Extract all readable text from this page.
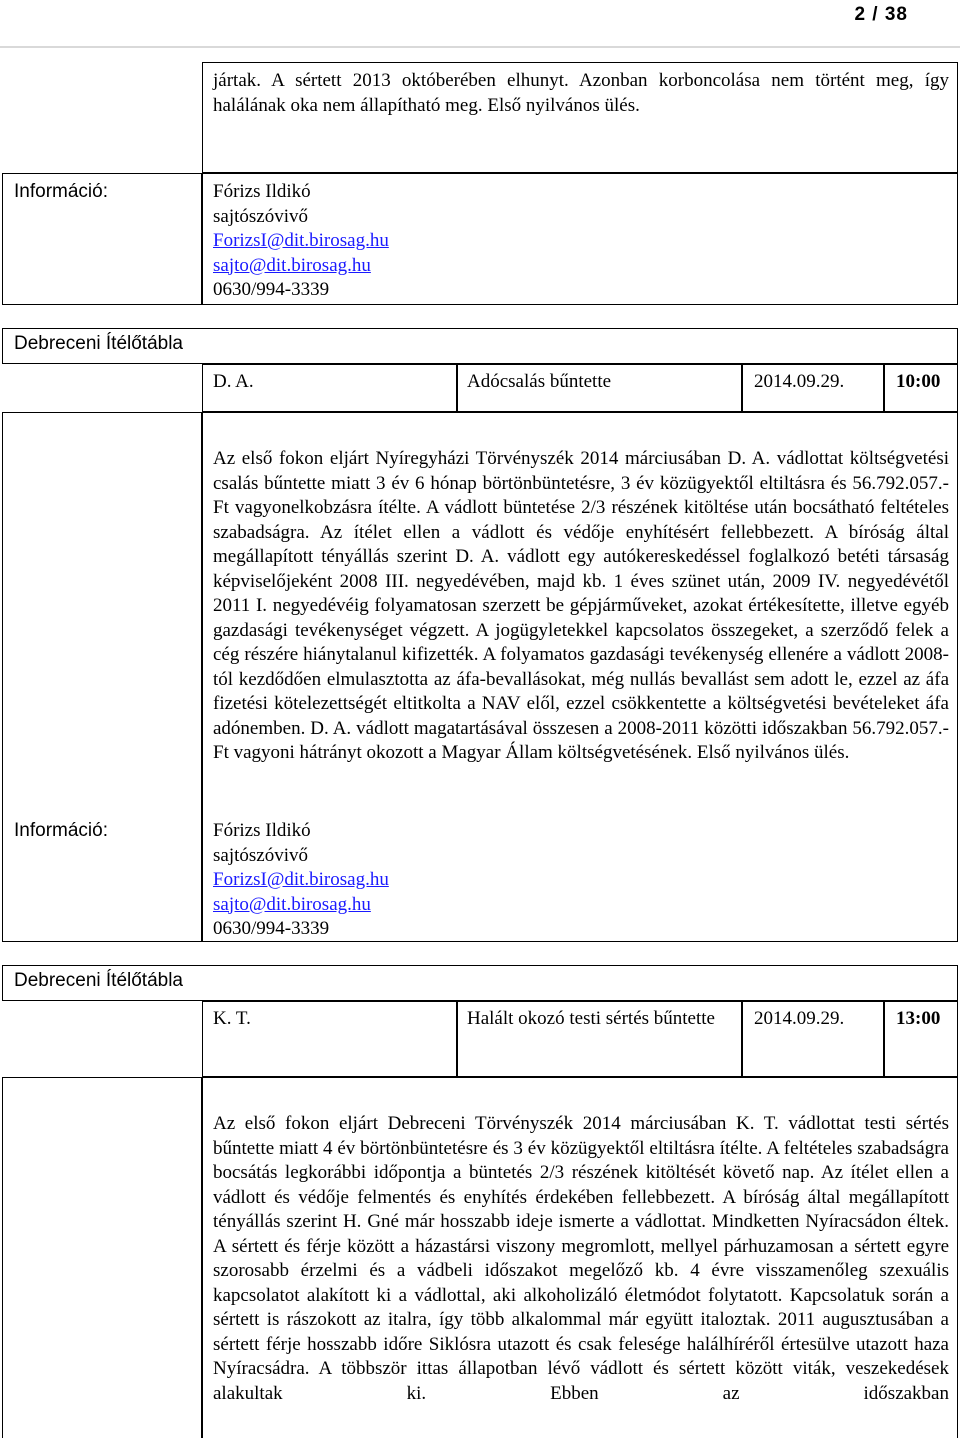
2 / 38
jártak. A sértett 2013 októberében elhunyt. Azonban korboncolása nem történt meg, így halálának oka nem állapítható meg. Első nyilvános ülés.
Információ:	Fórizs Ildikó
sajtószóvivő
ForizsI@dit.birosag.hu
sajto@dit.birosag.hu
0630/994-3339
Debreceni Ítélőtábla
D. A.	Adócsalás bűntette	2014.09.29.	10:00
Az első fokon eljárt Nyíregyházi Törvényszék 2014 márciusában D. A. vádlottat költségvetési csalás bűntette miatt 3 év 6 hónap börtönbüntetésre, 3 év közügyektől eltiltásra és 56.792.057.- Ft vagyonelkobzásra ítélte. A vádlott büntetése 2/3 részének kitöltése után bocsátható feltételes szabadságra. Az ítélet ellen a vádlott és védője enyhítésért fellebbezett. A bíróság által megállapított tényállás szerint D. A. vádlott egy autókereskedéssel foglalkozó betéti társaság képviselőjeként 2008 III. negyedévében, majd kb. 1 éves szünet után, 2009 IV. negyedévétől 2011 I. negyedévéig folyamatosan szerzett be gépjárműveket, azokat értékesítette, illetve egyéb gazdasági tevékenységet végzett. A jogügyletekkel kapcsolatos összegeket, a szerződő felek a cég részére hiánytalanul kifizették. A folyamatos gazdasági tevékenység ellenére a vádlott 2008-tól kezdődően elmulasztotta az áfa-bevallásokat, még nullás bevallást sem adott le, ezzel az áfa fizetési kötelezettségét eltitkolta a NAV elől, ezzel csökkentette a költségvetési bevételeket áfa adónemben. D. A. vádlott magatartásával összesen a 2008-2011 közötti időszakban 56.792.057.- Ft vagyoni hátrányt okozott a Magyar Állam költségvetésének. Első nyilvános ülés.
Információ:	Fórizs Ildikó
sajtószóvivő
ForizsI@dit.birosag.hu
sajto@dit.birosag.hu
0630/994-3339
Debreceni Ítélőtábla
K. T.	Halált okozó testi sértés bűntette	2014.09.29.	13:00
Az első fokon eljárt Debreceni Törvényszék 2014 márciusában K. T. vádlottat testi sértés bűntette miatt 4 év börtönbüntetésre és 3 év közügyektől eltiltásra ítélte. A feltételes szabadságra bocsátás legkorábbi időpontja a büntetés 2/3 részének kitöltését követő nap. Az ítélet ellen a vádlott és védője felmentés és enyhítés érdekében fellebbezett. A bíróság által megállapított tényállás szerint H. Gné már hosszabb ideje ismerte a vádlottat. Mindketten Nyíracsádon éltek. A sértett és férje között a házastársi viszony megromlott, mellyel párhuzamosan a sértett egyre szorosabb érzelmi és a vádbeli időszakot megelőző kb. 4 évre visszamenőleg szexuális kapcsolatot alakított ki a vádlottal, aki alkoholizáló életmódot folytatott. Kapcsolatuk során a sértett is rászokott az italra, így több alkalommal már együtt italoztak. 2011 augusztusában a sértett férje hosszabb időre Siklósra utazott és csak felesége halálhíréről értesülve utazott haza Nyíracsádra. A többször ittas állapotban lévő vádlott és sértett között viták, veszekedések alakultak ki. Ebben az időszakban
